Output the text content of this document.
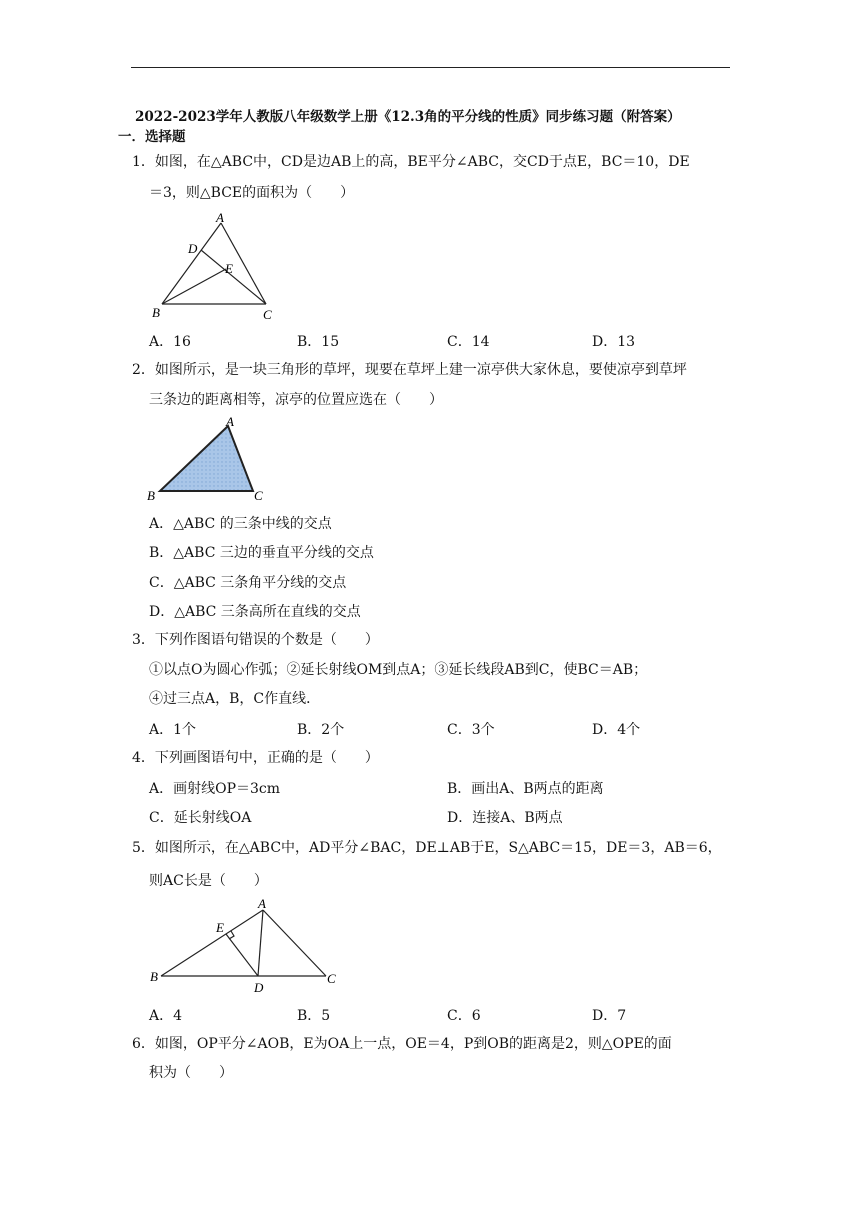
2022-2023学年人教版八年级数学上册《12.3角的平分线的性质》同步练习题（附答案）
一．选择题
1．如图，在△ABC中，CD是边AB上的高，BE平分∠ABC，交CD于点E，BC＝10，DE
＝3，则△BCE的面积为（　　）
A
D
E
B	C
A．16	B．15	C．14	D．13
2．如图所示，是一块三角形的草坪，现要在草坪上建一凉亭供大家休息，要使凉亭到草坪
三条边的距离相等，凉亭的位置应选在（　　）
A
B	C
A．△ABC 的三条中线的交点
B．△ABC 三边的垂直平分线的交点
C．△ABC 三条角平分线的交点
D．△ABC 三条高所在直线的交点
3．下列作图语句错误的个数是（　　）
①以点O为圆心作弧；②延长射线OM到点A；③延长线段AB到C，使BC＝AB；
④过三点A，B，C作直线．
A．1个	B．2个	C．3个	D．4个
4．下列画图语句中，正确的是（　　）
A．画射线OP＝3cm	B．画出A、B两点的距离
C．延长射线OA	D．连接A、B两点
5．如图所示，在△ABC中，AD平分∠BAC，DE⊥AB于E，S△ABC＝15，DE＝3，AB＝6，
则AC长是（　　）
A
E
B
D
C
A．4	B．5	C．6	D．7
6．如图，OP平分∠AOB，E为OA上一点，OE＝4，P到OB的距离是2，则△OPE的面
积为（　　）
